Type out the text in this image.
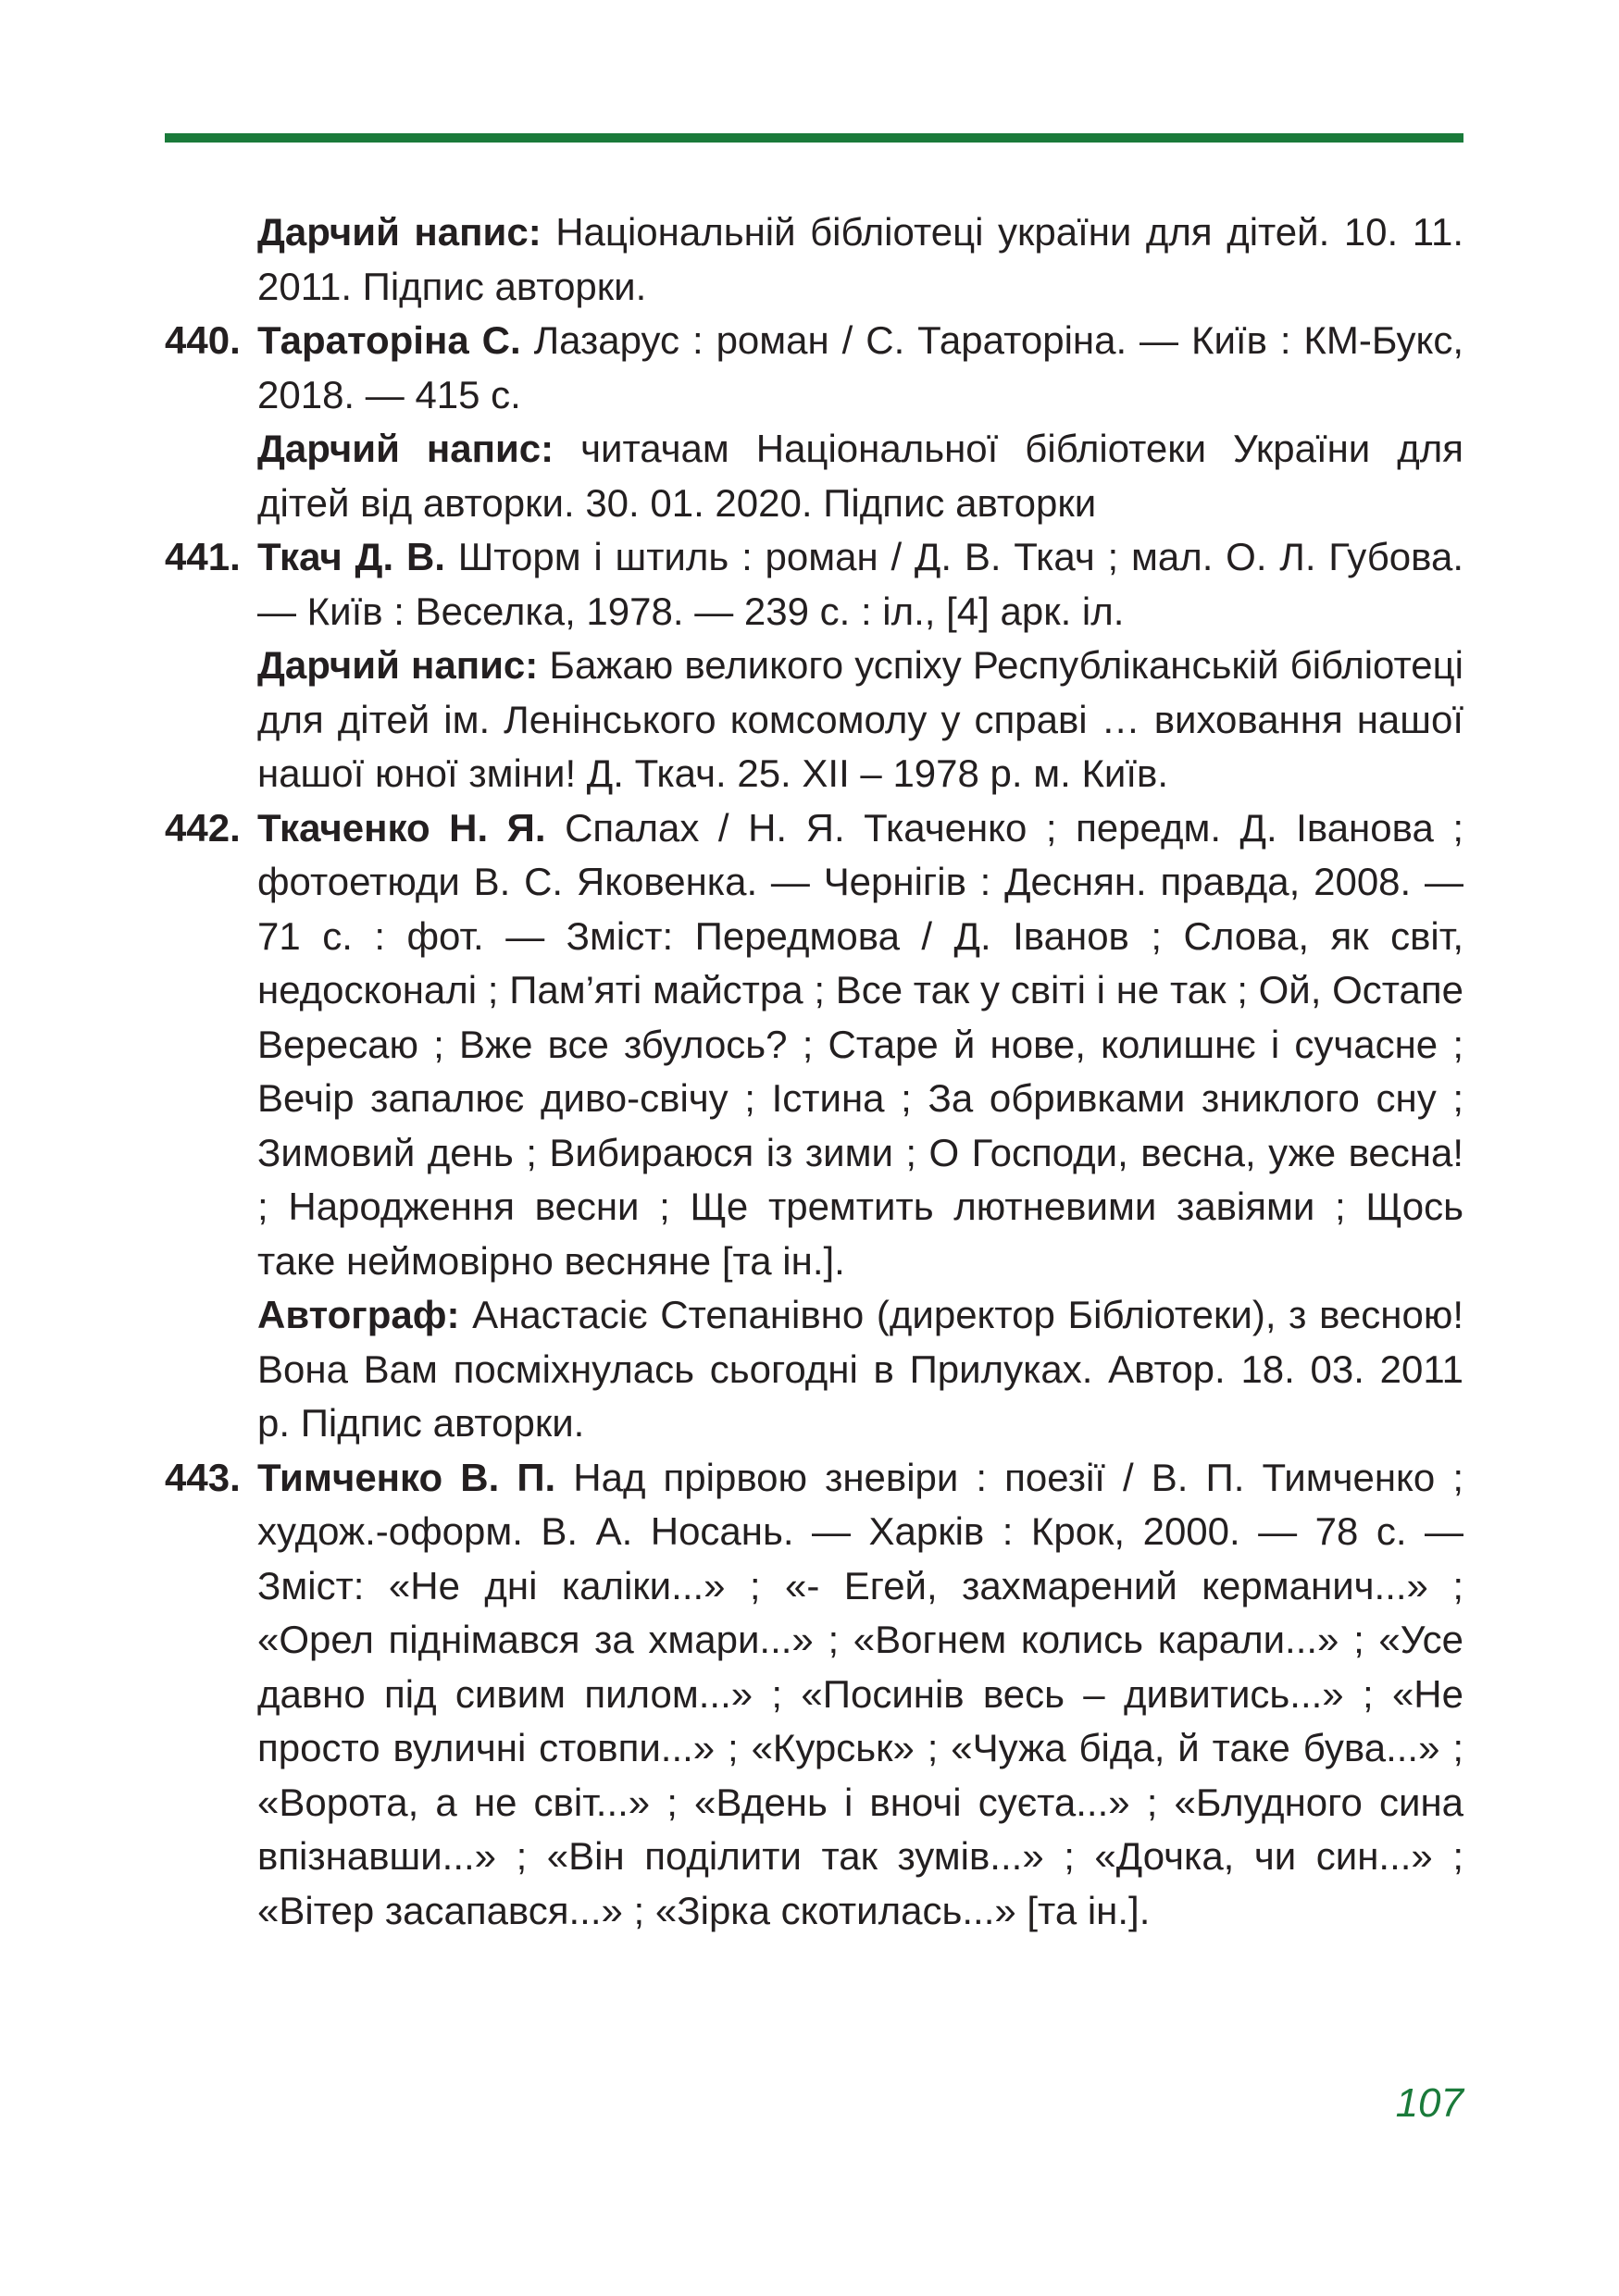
Дарчий напис: Національній бібліотеці україни для дітей. 10. 11. 2011. Підпис авторки.
440. Тараторіна С. Лазарус : роман / С. Тараторіна. — Київ : КМ-Букс, 2018. — 415 с.
Дарчий напис: читачам Національної бібліотеки України для дітей від авторки. 30. 01. 2020. Підпис авторки
441. Ткач Д. В. Шторм і штиль : роман / Д. В. Ткач ; мал. О. Л. Губова. — Київ : Веселка, 1978. — 239 с. : іл., [4] арк. іл.
Дарчий напис: Бажаю великого успіху Республіканській бібліотеці для дітей ім. Ленінського комсомолу у справі … виховання нашої нашої юної зміни! Д. Ткач. 25. XII – 1978 р. м. Київ.
442. Ткаченко Н. Я. Спалах / Н. Я. Ткаченко ; передм. Д. Іванова ; фотоетюди В. С. Яковенка. — Чернігів : Деснян. правда, 2008. — 71 с. : фот. — Зміст: Передмова / Д. Іванов ; Слова, як світ, недосконалі ; Пам’яті майстра ; Все так у світі і не так ; Ой, Остапе Вересаю ; Вже все збулось? ; Старе й нове, колишнє і сучасне ; Вечір запалює диво-свічу ; Істина ; За обривками зниклого сну ; Зимовий день ; Вибираюся із зими ; О Господи, весна, уже весна! ; Народження весни ; Ще тремтить лютневими завіями ; Щось таке неймовірно весняне [та ін.].
Автограф: Анастасіє Степанівно (директор Бібліотеки), з весною! Вона Вам посміхнулась сьогодні в Прилуках. Автор. 18. 03. 2011 р. Підпис авторки.
443. Тимченко В. П. Над прірвою зневіри : поезії / В. П. Тимченко ; худож.-оформ. В. А. Носань. — Харків : Крок, 2000. — 78 с. — Зміст: «Не дні каліки...» ; «- Егей, захмарений керманич...» ; «Орел піднімався за хмари...» ; «Вогнем колись карали...» ; «Усе давно під сивим пилом...» ; «Посинів весь – дивитись...» ; «Не просто вуличні стовпи...» ; «Курськ» ; «Чужа біда, й таке бува...» ; «Ворота, а не світ...» ; «Вдень і вночі суєта...» ; «Блудного сина впізнавши...» ; «Він поділити так зумів...» ; «Дочка, чи син...» ; «Вітер засапався...» ; «Зірка скотилась...» [та ін.].
107
